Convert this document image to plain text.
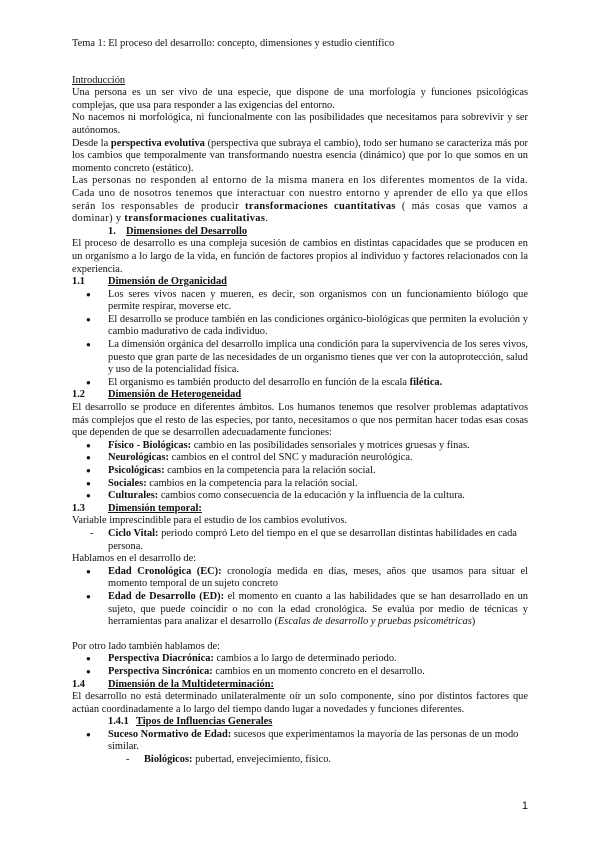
Tema 1: El proceso del desarrollo: concepto, dimensiones y estudio científico

Introducción

Una persona es un ser vivo de una especie, que dispone de una morfología y funciones psicológicas complejas, que usa para responder a las exigencias del entorno.

No nacemos ni morfológica, ni funcionalmente con las posibilidades que necesitamos para sobrevivir y ser autónomos.

Desde la perspectiva evolutiva (perspectiva que subraya el cambio), todo ser humano se caracteriza más por los cambios que temporalmente van transformando nuestra esencia (dinámico) que por lo que somos en un momento concreto (estático).

Las personas no responden al entorno de la misma manera en los diferentes momentos de la vida. Cada uno de nosotros tenemos que interactuar con nuestro entorno y aprender de ello ya que ellos serán los responsables de producir transformaciones cuantitativas ( más cosas que vamos a dominar) y transformaciones cualitativas.

1. Dimensiones del Desarrollo

El proceso de desarrollo es una compleja sucesión de cambios en distintas capacidades que se producen en un organismo a lo largo de la vida, en función de factores propios al individuo y factores relacionados con la experiencia.

1.1 Dimensión de Organicidad

● Los seres vivos nacen y mueren, es decir, son organismos con un funcionamiento biólogo que permite respirar, moverse etc.
● El desarrollo se produce también en las condiciones orgánico-biológicas que permiten la evolución y cambio madurativo de cada individuo.
● La dimensión orgánica del desarrollo implica una condición para la supervivencia de los seres vivos, puesto que gran parte de las necesidades de un organismo tienes que ver con la autoprotección, salud y uso de la potencialidad física.
● El organismo es también producto del desarrollo en función de la escala filética.

1.2 Dimensión de Heterogeneidad

El desarrollo se produce en diferentes ámbitos. Los humanos tenemos que resolver problemas adaptativos más complejos que el resto de las especies, por tanto, necesitamos o que nos permitan hacer todas esas cosas que dependen de que se desarrollen adecuadamente funciones:

● Físico - Biológicas: cambio en las posibilidades sensoriales y motrices gruesas y finas.
● Neurológicas: cambios en el control del SNC y maduración neurológica.
● Psicológicas: cambios en la competencia para la relación social.
● Sociales: cambios en la competencia para la relación social.
● Culturales: cambios como consecuencia de la educación y la influencia de la cultura.

1.3 Dimensión temporal:

Variable imprescindible para el estudio de los cambios evolutivos.

- Ciclo Vital: periodo compró Leto del tiempo en el que se desarrollan distintas habilidades en cada persona.

Hablamos en el desarrollo de:

● Edad Cronológica (EC): cronología medida en días, meses, años que usamos para situar el momento temporal de un sujeto concreto
● Edad de Desarrollo (ED): el momento en cuanto a las habilidades que se han desarrollado en un sujeto, que puede coincidir o no con la edad cronológica. Se evalúa por medio de técnicas y herramientas para analizar el desarrollo (Escalas de desarrollo y pruebas psicométricas)

Por otro lado también hablamos de:

● Perspectiva Diacrónica: cambios a lo largo de determinado periodo.
● Perspectiva Sincrónica: cambios en un momento concreto en el desarrollo.

1.4 Dimensión de la Multideterminación:

El desarrollo no está determinado unilateralmente oír un solo componente, sino por distintos factores que actúan coordinadamente a lo largo del tiempo dando lugar a novedades y funciones diferentes.

1.4.1 Tipos de Influencias Generales

● Suceso Normativo de Edad: sucesos que experimentamos la mayoría de las personas de un modo similar.
- Biológicos: pubertad, envejecimiento, físico.
1
